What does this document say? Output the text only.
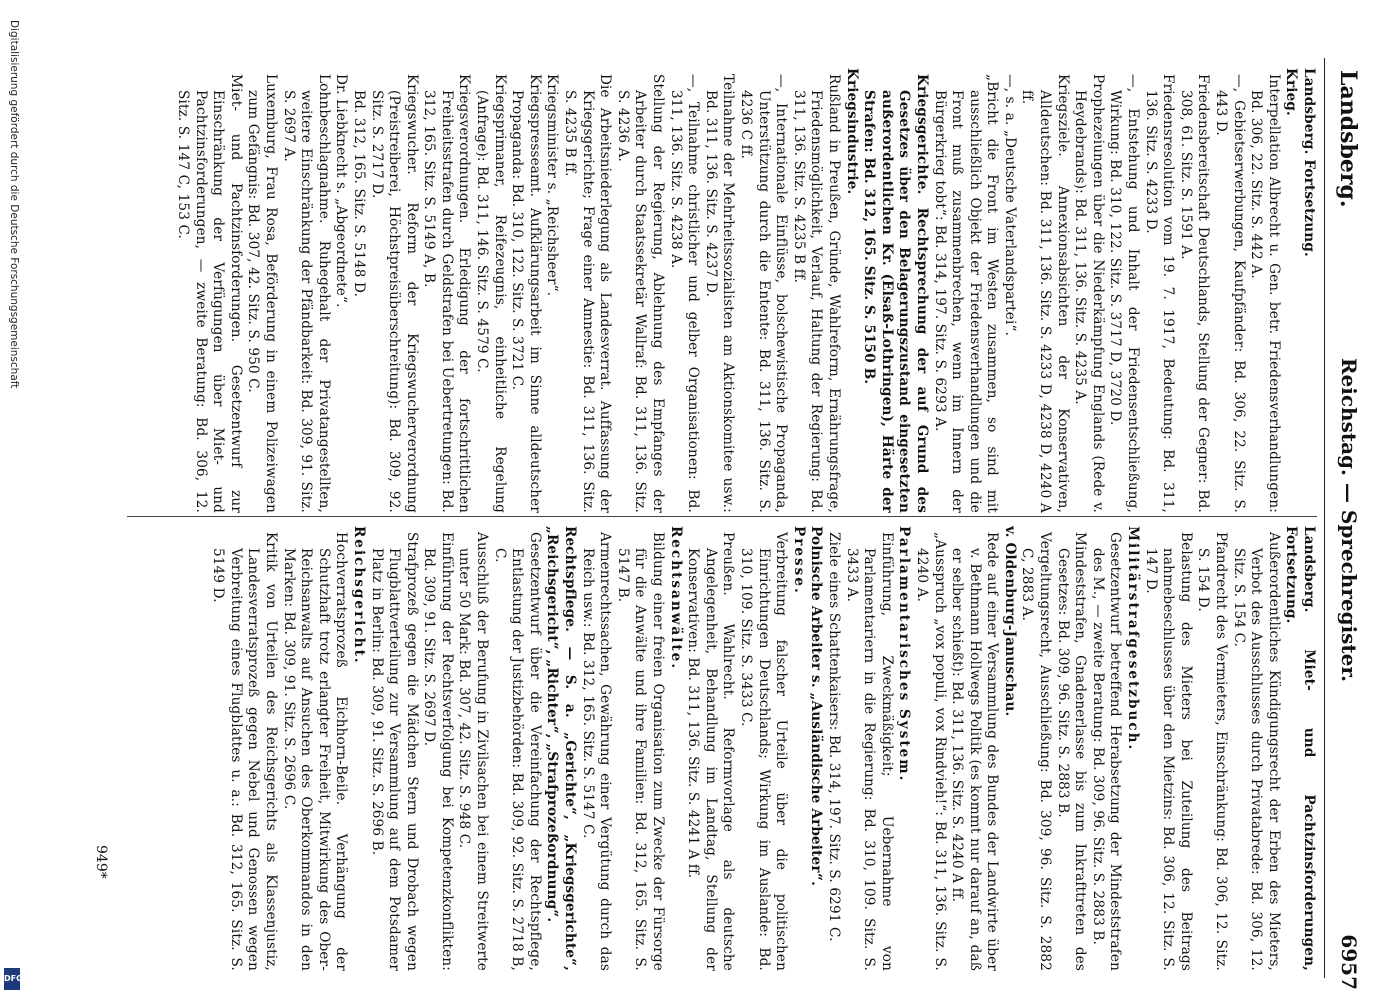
Landsberg.
Reichstag. — Sprechregister.
6957

Landsberg. Fortsetzung.

Krieg.

Interpellation Albrecht u. Gen. betr. Friedensverhandlungen: Bd. 306, 22. Sitz. S. 442 A.

—, Gebietserwerbungen, Kaufpfänder: Bd. 306, 22. Sitz. S. 443 D.

Friedensbereitschaft Deutschlands, Stellung der Gegner: Bd. 308, 61. Sitz. S. 1591 A.

Friedensresolution vom 19. 7. 1917, Bedeutung: Bd. 311, 136. Sitz. S. 4233 D.

—, Entstehung und Inhalt der Friedensentschließung, Wirkung: Bd. 310, 122. Sitz. S. 3717 D, 3720 D.

Prophezeiungen über die Niederkämpfung Englands (Rede v. Heydebrands): Bd. 311, 136. Sitz. S. 4235 A.

Kriegsziele. Annexionsabsichten der Konservativen, Alldeutschen: Bd. 311, 136. Sitz. S. 4233 D, 4238 D, 4240 A ff.

—, s. a. „Deutsche Vaterlandspartei“.

„Bricht die Front im Westen zusammen, so sind mit ausschließlich Objekt der Friedensverhandlungen und die Front muß zusammenbrechen, wenn im Innern der Bürgerkrieg tobt“: Bd. 314, 197. Sitz. S. 6293 A.

Kriegsgerichte. Rechtsprechung der auf Grund des Gesetzes über den Belagerungszustand eingesetzten außerordentlichen Kr. (Elsaß-Lothringen), Härte der Strafen: Bd. 312, 165. Sitz. S. 5150 B.

Kriegsindustrie.

Rußland in Preußen, Gründe, Wahlreform, Ernährungsfrage, Friedensmöglichkeit, Verlauf, Haltung der Regierung: Bd. 311, 136. Sitz. S. 4235 B ff.

—, Internationale Einflüsse, bolschewistische Propaganda, Unterstützung durch die Entente: Bd. 311, 136. Sitz. S. 4236 C ff.

Teilnahme der Mehrheitssozialisten am Aktionskomitee usw.: Bd. 311, 136. Sitz. S. 4237 D.

—, Teilnahme christlicher und gelber Organisationen: Bd. 311, 136. Sitz. S. 4238 A.

Stellung der Regierung, Ablehnung des Empfanges der Arbeiter durch Staatssekretär Wallraf: Bd. 311, 136. Sitz. S. 4236 A.

Die Arbeitsniederlegung als Landesverrat. Auffassung der Kriegsgerichte; Frage einer Amnestie: Bd. 311, 136. Sitz. S. 4235 B ff.

Kriegsminister s. „Reichsheer“.

Kriegspresseamt. Aufklärungsarbeit im Sinne alldeutscher Propaganda: Bd. 310, 122. Sitz. S. 3721 C.

Kriegsprimaner, Reifezeugnis, einheitliche Regelung (Anfrage): Bd. 311, 146. Sitz. S. 4579 C.

Kriegsverordnungen. Erledigung der fortschrittlichen Freiheitsstrafen durch Geldstrafen bei Uebertretungen: Bd. 312, 165. Sitz. S. 5149 A, B.

Kriegswucher. Reform der Kriegswucherverordnung (Preistreiberei, Höchstpreisüberschreitung): Bd. 309, 92. Sitz. S. 2717 D.

Bd. 312, 165. Sitz. S. 5148 D.

Dr. Liebknecht s. „Abgeordnete“.

Lohnbeschlagnahme. Ruhegehalt der Privatangestellten, weitere Einschränkung der Pfändbarkeit: Bd. 309, 91. Sitz. S. 2697 A.

Luxemburg, Frau Rosa, Beförderung in einem Polizeiwagen zum Gefängnis: Bd. 307, 42. Sitz. S. 950 C.

Miet- und Pachtzinsforderungen. Gesetzentwurf zur Einschränkung der Verfügungen über Miet- und Pachtzinsforderungen, — zweite Beratung: Bd. 306, 12. Sitz. S. 147 C, 153 C.

Landsberg. Miet- und Pachtzinsforderungen, Fortsetzung.

Außerordentliches Kündigungsrecht der Erben des Mieters, Verbot des Ausschlusses durch Privatabrede: Bd. 306, 12. Sitz. S. 154 C.

Pfandrecht des Vermieters, Einschränkung: Bd. 306, 12. Sitz. S. 154 D.

Belastung des Mieters bei Zuteilung des Beitrags nahmebeschlusses über den Mietzins: Bd. 306, 12. Sitz. S. 147 D.

Militärstrafgesetzbuch.

Gesetzentwurf betreffend Herabsetzung der Mindeststrafen des M., — zweite Beratung: Bd. 309, 96. Sitz. S. 2883 B.

Mindeststrafen, Gnadenerlasse bis zum Inkrafttreten des Gesetzes: Bd. 309, 96. Sitz. S. 2883 B.

Vergeltungsrecht, Ausschließung: Bd. 309, 96. Sitz. S. 2882 C, 2883 A.

v. Oldenburg-Januschau.

Rede auf einer Versammlung des Bundes der Landwirte über v. Bethmann Hollwegs Politik (es kommt nur darauf an, daß er selber schießt): Bd. 311, 136. Sitz. S. 4240 A ff.

„Ausspruch „vox populi, vox Rindvieh!“: Bd. 311, 136. Sitz. S. 4240 A.

Parlamentarisches System.

Einführung, Zweckmäßigkeit; Uebernahme von Parlamentariern in die Regierung: Bd. 310, 109. Sitz. S. 3433 A.

Ziele eines Schattenkaisers: Bd. 314, 197. Sitz. S. 6291 C.

Polnische Arbeiter s. „Ausländische Arbeiter“.

Presse.

Verbreitung falscher Urteile über die politischen Einrichtungen Deutschlands; Wirkung im Auslande: Bd. 310, 109. Sitz. S. 3433 C.

Preußen. Wahlrecht. Reformvorlage als deutsche Angelegenheit, Behandlung im Landtag, Stellung der Konservativen: Bd. 311, 136. Sitz. S. 4241 A ff.

Rechtsanwälte.

Bildung einer freien Organisation zum Zwecke der Fürsorge für die Anwälte und ihre Familien: Bd. 312, 165. Sitz. S. 5147 B.

Armenrechtssachen, Gewährung einer Vergütung durch das Reich usw.: Bd. 312, 165. Sitz. S. 5147 C.

Rechtspflege. — S. a. „Gerichte“, „Kriegsgerichte“, „Reichsgericht“, „Richter“, „Strafprozeßordnung“.

Gesetzentwurf über die Vereinfachung der Rechtspflege, Entlastung der Justizbehörden: Bd. 309, 92. Sitz. S. 2718 B, C.

Ausschluß der Berufung in Zivilsachen bei einem Streitwerte unter 50 Mark: Bd. 307, 42. Sitz. S. 948 C.

Einführung der Rechtsverfolgung bei Kompetenzkonflikten: Bd. 309, 91. Sitz. S. 2697 D.

Strafprozeß gegen die Mädchen Stern und Drobach wegen Flugblattverteilung zur Versammlung auf dem Potsdamer Platz in Berlin: Bd. 309, 91. Sitz. S. 2696 B.

Reichsgericht.

Hochverratsprozeß Eichhorn-Beile. Verhängung der Schutzhaft trotz erlangter Freiheit, Mitwirkung des Ober-Reichsanwalts auf Ansuchen des Oberkommandos in den Marken: Bd. 309, 91. Sitz. S. 2696 C.

Kritik von Urteilen des Reichsgerichts als Klassenjustiz, Landesverratsprozeß gegen Nebel und Genossen wegen Verbreitung eines Flugblattes u. a.: Bd. 312, 165. Sitz. S. 5149 D.

949*
Digitalisierung gefördert durch die Deutsche Forschungsgemeinschaft
DFG
